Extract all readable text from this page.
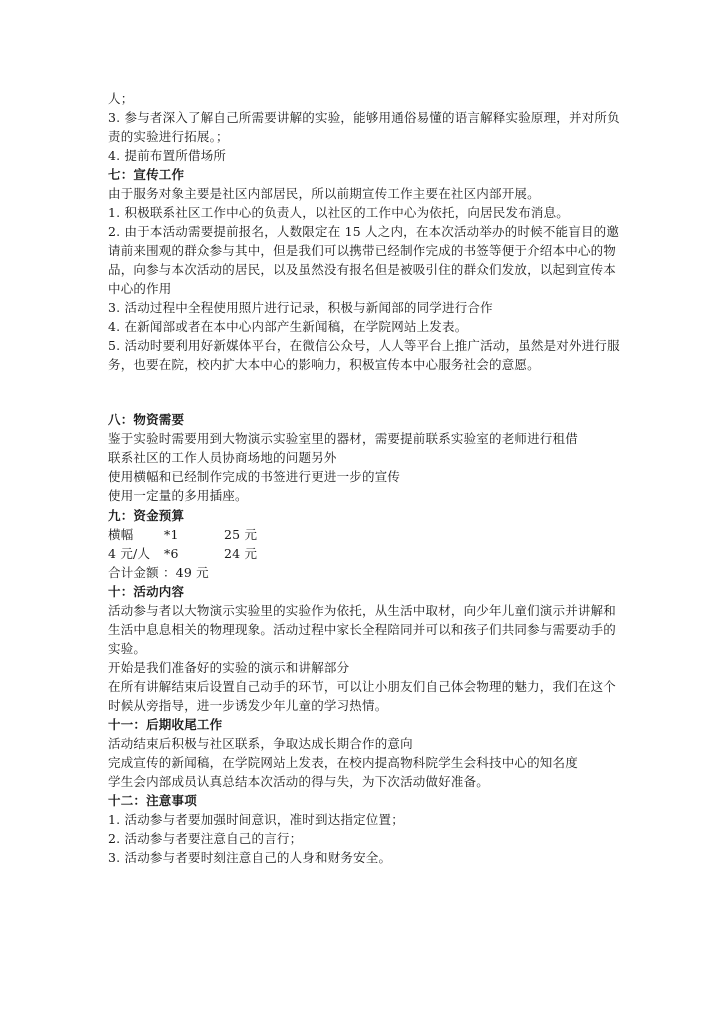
人；
3. 参与者深入了解自己所需要讲解的实验，能够用通俗易懂的语言解释实验原理，并对所负
责的实验进行拓展。；
4. 提前布置所借场所
七：宣传工作
由于服务对象主要是社区内部居民，所以前期宣传工作主要在社区内部开展。
1. 积极联系社区工作中心的负责人，以社区的工作中心为依托，向居民发布消息。
2. 由于本活动需要提前报名，人数限定在 15 人之内，在本次活动举办的时候不能盲目的邀
请前来围观的群众参与其中，但是我们可以携带已经制作完成的书签等便于介绍本中心的物
品，向参与本次活动的居民，以及虽然没有报名但是被吸引住的群众们发放，以起到宣传本
中心的作用
3. 活动过程中全程使用照片进行记录，积极与新闻部的同学进行合作
4. 在新闻部或者在本中心内部产生新闻稿，在学院网站上发表。
5. 活动时要利用好新媒体平台，在微信公众号，人人等平台上推广活动，虽然是对外进行服
务，也要在院，校内扩大本中心的影响力，积极宣传本中心服务社会的意愿。
八：物资需要
鉴于实验时需要用到大物演示实验室里的器材，需要提前联系实验室的老师进行租借
联系社区的工作人员协商场地的问题另外
使用横幅和已经制作完成的书签进行更进一步的宣传
使用一定量的多用插座。
九：资金预算
横幅 *1	25 元
4 元/人 *6	24 元
合计金额 ：49 元
十：活动内容
活动参与者以大物演示实验里的实验作为依托，从生活中取材，向少年儿童们演示并讲解和
生活中息息相关的物理现象。活动过程中家长全程陪同并可以和孩子们共同参与需要动手的
实验。
开始是我们准备好的实验的演示和讲解部分
在所有讲解结束后设置自己动手的环节，可以让小朋友们自己体会物理的魅力，我们在这个
时候从旁指导，进一步诱发少年儿童的学习热情。
十一：后期收尾工作
活动结束后积极与社区联系，争取达成长期合作的意向
完成宣传的新闻稿，在学院网站上发表，在校内提高物科院学生会科技中心的知名度
学生会内部成员认真总结本次活动的得与失，为下次活动做好准备。
十二：注意事项
1. 活动参与者要加强时间意识，准时到达指定位置；
2. 活动参与者要注意自己的言行；
3. 活动参与者要时刻注意自己的人身和财务安全。
